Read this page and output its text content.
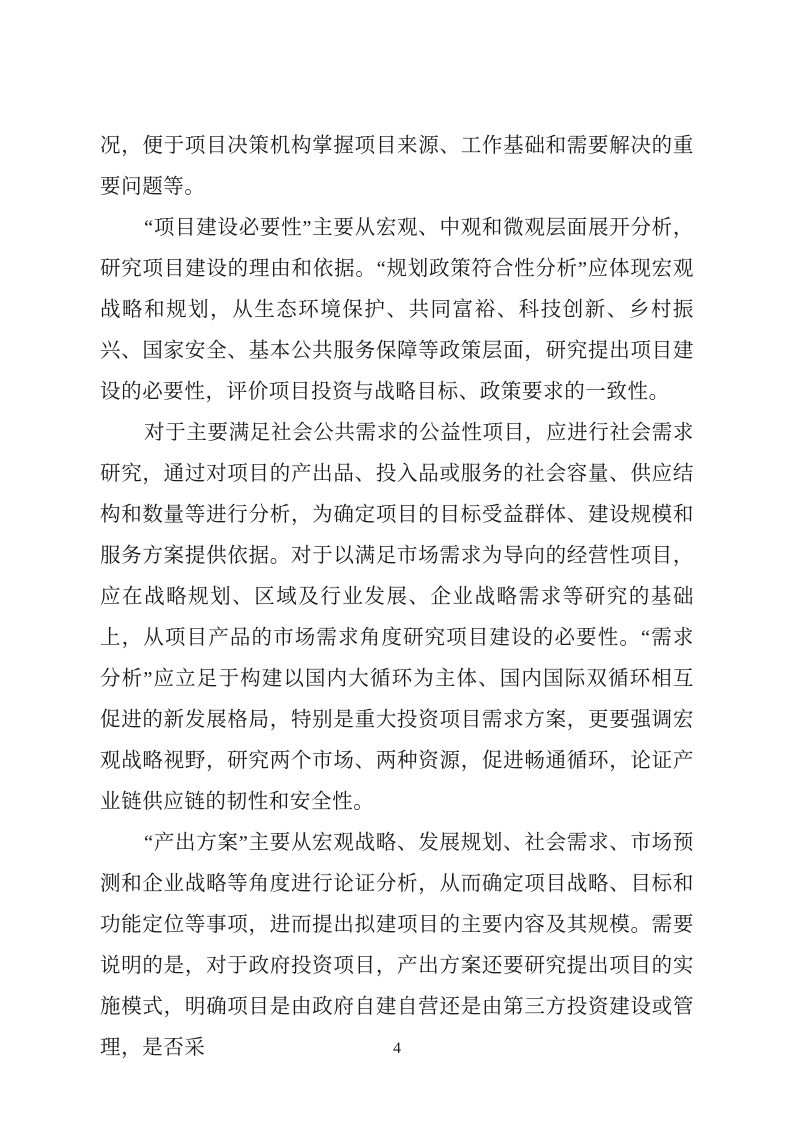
况，便于项目决策机构掌握项目来源、工作基础和需要解决的重要问题等。

“项目建设必要性”主要从宏观、中观和微观层面展开分析，研究项目建设的理由和依据。“规划政策符合性分析”应体现宏观战略和规划，从生态环境保护、共同富裕、科技创新、乡村振兴、国家安全、基本公共服务保障等政策层面，研究提出项目建设的必要性，评价项目投资与战略目标、政策要求的一致性。

对于主要满足社会公共需求的公益性项目，应进行社会需求研究，通过对项目的产出品、投入品或服务的社会容量、供应结构和数量等进行分析，为确定项目的目标受益群体、建设规模和服务方案提供依据。对于以满足市场需求为导向的经营性项目，应在战略规划、区域及行业发展、企业战略需求等研究的基础上，从项目产品的市场需求角度研究项目建设的必要性。“需求分析”应立足于构建以国内大循环为主体、国内国际双循环相互促进的新发展格局，特别是重大投资项目需求方案，更要强调宏观战略视野，研究两个市场、两种资源，促进畅通循环，论证产业链供应链的韧性和安全性。

“产出方案”主要从宏观战略、发展规划、社会需求、市场预测和企业战略等角度进行论证分析，从而确定项目战略、目标和功能定位等事项，进而提出拟建项目的主要内容及其规模。需要说明的是，对于政府投资项目，产出方案还要研究提出项目的实施模式，明确项目是由政府自建自营还是由第三方投资建设或管理，是否采	4
